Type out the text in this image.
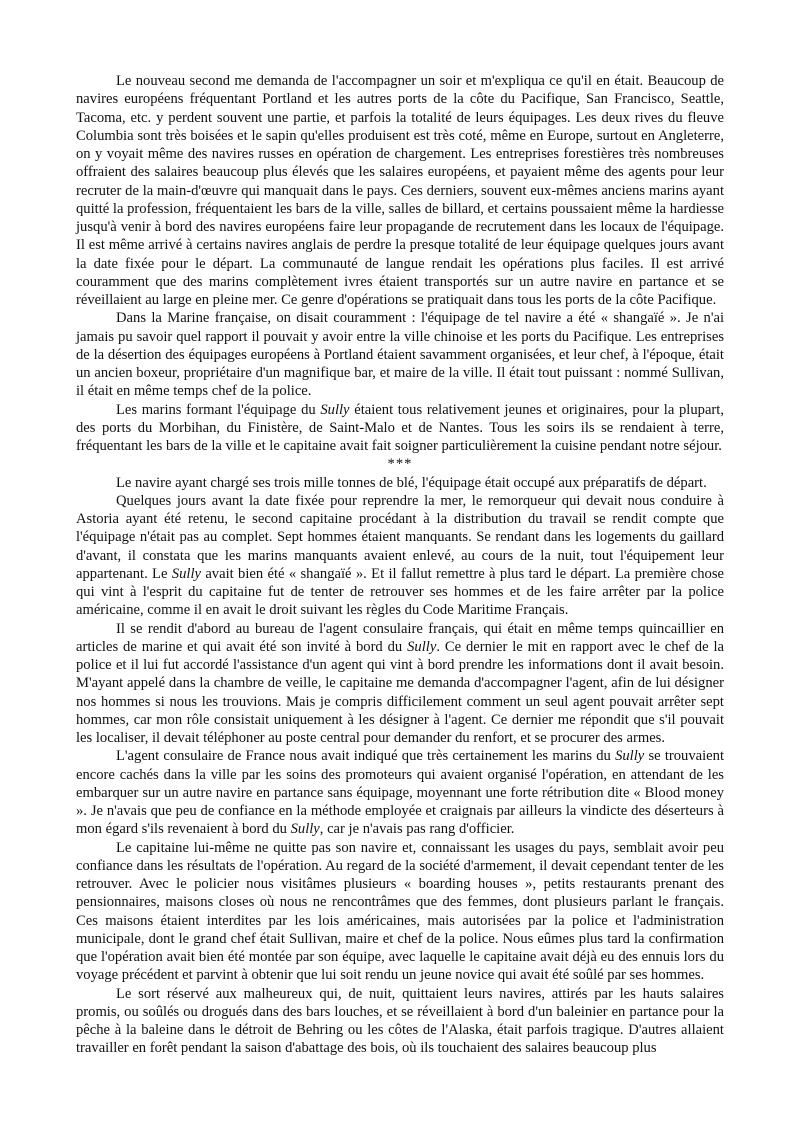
Le nouveau second me demanda de l'accompagner un soir et m'expliqua ce qu'il en était. Beaucoup de navires européens fréquentant Portland et les autres ports de la côte du Pacifique, San Francisco, Seattle, Tacoma, etc. y perdent souvent une partie, et parfois la totalité de leurs équipages. Les deux rives du fleuve Columbia sont très boisées et le sapin qu'elles produisent est très coté, même en Europe, surtout en Angleterre, on y voyait même des navires russes en opération de chargement. Les entreprises forestières très nombreuses offraient des salaires beaucoup plus élevés que les salaires européens, et payaient même des agents pour leur recruter de la main-d'œuvre qui manquait dans le pays. Ces derniers, souvent eux-mêmes anciens marins ayant quitté la profession, fréquentaient les bars de la ville, salles de billard, et certains poussaient même la hardiesse jusqu'à venir à bord des navires européens faire leur propagande de recrutement dans les locaux de l'équipage. Il est même arrivé à certains navires anglais de perdre la presque totalité de leur équipage quelques jours avant la date fixée pour le départ. La communauté de langue rendait les opérations plus faciles. Il est arrivé couramment que des marins complètement ivres étaient transportés sur un autre navire en partance et se réveillaient au large en pleine mer. Ce genre d'opérations se pratiquait dans tous les ports de la côte Pacifique.

Dans la Marine française, on disait couramment : l'équipage de tel navire a été « shangaïé ». Je n'ai jamais pu savoir quel rapport il pouvait y avoir entre la ville chinoise et les ports du Pacifique. Les entreprises de la désertion des équipages européens à Portland étaient savamment organisées, et leur chef, à l'époque, était un ancien boxeur, propriétaire d'un magnifique bar, et maire de la ville. Il était tout puissant : nommé Sullivan, il était en même temps chef de la police.

Les marins formant l'équipage du Sully étaient tous relativement jeunes et originaires, pour la plupart, des ports du Morbihan, du Finistère, de Saint-Malo et de Nantes. Tous les soirs ils se rendaient à terre, fréquentant les bars de la ville et le capitaine avait fait soigner particulièrement la cuisine pendant notre séjour.

***

Le navire ayant chargé ses trois mille tonnes de blé, l'équipage était occupé aux préparatifs de départ.

Quelques jours avant la date fixée pour reprendre la mer, le remorqueur qui devait nous conduire à Astoria ayant été retenu, le second capitaine procédant à la distribution du travail se rendit compte que l'équipage n'était pas au complet. Sept hommes étaient manquants. Se rendant dans les logements du gaillard d'avant, il constata que les marins manquants avaient enlevé, au cours de la nuit, tout l'équipement leur appartenant. Le Sully avait bien été « shangaïé ». Et il fallut remettre à plus tard le départ. La première chose qui vint à l'esprit du capitaine fut de tenter de retrouver ses hommes et de les faire arrêter par la police américaine, comme il en avait le droit suivant les règles du Code Maritime Français.

Il se rendit d'abord au bureau de l'agent consulaire français, qui était en même temps quincaillier en articles de marine et qui avait été son invité à bord du Sully. Ce dernier le mit en rapport avec le chef de la police et il lui fut accordé l'assistance d'un agent qui vint à bord prendre les informations dont il avait besoin. M'ayant appelé dans la chambre de veille, le capitaine me demanda d'accompagner l'agent, afin de lui désigner nos hommes si nous les trouvions. Mais je compris difficilement comment un seul agent pouvait arrêter sept hommes, car mon rôle consistait uniquement à les désigner à l'agent. Ce dernier me répondit que s'il pouvait les localiser, il devait téléphoner au poste central pour demander du renfort, et se procurer des armes.

L'agent consulaire de France nous avait indiqué que très certainement les marins du Sully se trouvaient encore cachés dans la ville par les soins des promoteurs qui avaient organisé l'opération, en attendant de les embarquer sur un autre navire en partance sans équipage, moyennant une forte rétribution dite « Blood money ». Je n'avais que peu de confiance en la méthode employée et craignais par ailleurs la vindicte des déserteurs à mon égard s'ils revenaient à bord du Sully, car je n'avais pas rang d'officier.

Le capitaine lui-même ne quitte pas son navire et, connaissant les usages du pays, semblait avoir peu confiance dans les résultats de l'opération. Au regard de la société d'armement, il devait cependant tenter de les retrouver. Avec le policier nous visitâmes plusieurs « boarding houses », petits restaurants prenant des pensionnaires, maisons closes où nous ne rencontrâmes que des femmes, dont plusieurs parlant le français. Ces maisons étaient interdites par les lois américaines, mais autorisées par la police et l'administration municipale, dont le grand chef était Sullivan, maire et chef de la police. Nous eûmes plus tard la confirmation que l'opération avait bien été montée par son équipe, avec laquelle le capitaine avait déjà eu des ennuis lors du voyage précédent et parvint à obtenir que lui soit rendu un jeune novice qui avait été soûlé par ses hommes.

Le sort réservé aux malheureux qui, de nuit, quittaient leurs navires, attirés par les hauts salaires promis, ou soûlés ou drogués dans des bars louches, et se réveillaient à bord d'un baleinier en partance pour la pêche à la baleine dans le détroit de Behring ou les côtes de l'Alaska, était parfois tragique. D'autres allaient travailler en forêt pendant la saison d'abattage des bois, où ils touchaient des salaires beaucoup plus
